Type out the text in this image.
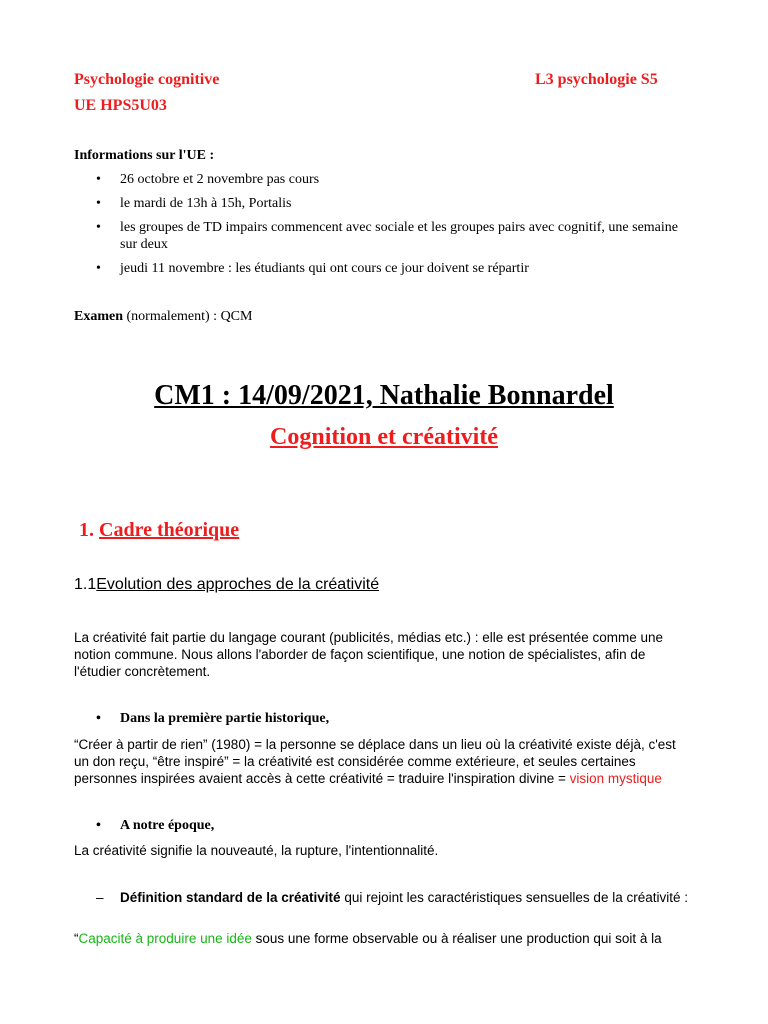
Psychologie cognitive	L3 psychologie S5
UE HPS5U03
Informations sur l'UE :
• 26 octobre et 2 novembre pas cours
• le mardi de 13h à 15h, Portalis
• les groupes de TD impairs commencent avec sociale et les groupes pairs avec cognitif, une semaine sur deux
• jeudi 11 novembre : les étudiants qui ont cours ce jour doivent se répartir
Examen (normalement) : QCM
CM1 : 14/09/2021, Nathalie Bonnardel
Cognition et créativité
1. Cadre théorique
1.1Evolution des approches de la créativité
La créativité fait partie du langage courant (publicités, médias etc.) : elle est présentée comme une notion commune. Nous allons l'aborder de façon scientifique, une notion de spécialistes, afin de l'étudier concrètement.
• Dans la première partie historique,
“Créer à partir de rien” (1980) = la personne se déplace dans un lieu où la créativité existe déjà, c'est un don reçu, “être inspiré” = la créativité est considérée comme extérieure, et seules certaines personnes inspirées avaient accès à cette créativité = traduire l'inspiration divine = vision mystique
• A notre époque,
La créativité signifie la nouveauté, la rupture, l'intentionnalité.
– Définition standard de la créativité qui rejoint les caractéristiques sensuelles de la créativité :
“Capacité à produire une idée sous une forme observable ou à réaliser une production qui soit à la
